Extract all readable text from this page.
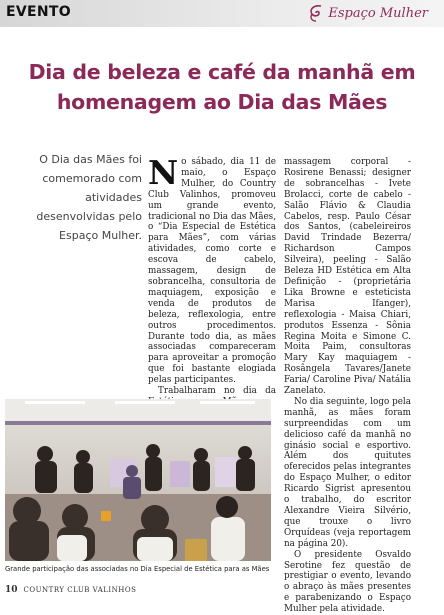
EVENTO	Espaço Mulher
Dia de beleza e café da manhã em
homenagem ao Dia das Mães
O Dia das Mães foi comemorado com atividades desenvolvidas pelo Espaço Mulher.
N o sábado, dia 11 de maio, o Espaço Mulher, do Country Club Valinhos, promoveu um grande evento, tradicional no Dia das Mães, o “Dia Especial de Estética para Mães”, com várias atividades, como corte e escova de cabelo, massagem, design de sobrancelha, consultoria de maquiagem, exposição e venda de produtos de beleza, reflexologia, entre outros procedimentos. Durante todo dia, as mães associadas compareceram para aproveitar a promoção que foi bastante elogiada pelas participantes.

Trabalharam no dia da

massagem corporal - Rosirene Benassi; designer de sobrancelhas - Ivete Brolacci, corte de cabelo - Salão Flávio & Claudia Cabelos, resp. Paulo César dos Santos, (cabeleireiros David Trindade Bezerra/ Richardson Campos Silveira), peeling - Salão Beleza HD Estética em Alta Definição - (proprietária Lika Browne e esteticista Marisa Ifanger), reflexologia - Maisa Chiari, produtos Essenza - Sônia Regina Moita e Simone C. Moita Paim, consultoras Mary Kay maquiagem - Rosângela Tavares/Janete Faria/ Caroline Piva/ Natália Zanelato.

No dia seguinte, logo pela manhã, as mães foram surpreendidas com um delicioso café da manhã no ginásio social e esportivo. Além dos quitutes oferecidos pelas integrantes do Espaço Mulher, o editor Ricardo Sigrist apresentou o trabalho, do escritor Alexandre Vieira Silvério, que trouxe o livro Orquídeas (veja reportagem na página 20).

O presidente Osvaldo Serotine fez questão de prestigiar o evento, levando o abraço às mães presentes e parabenizando o Espaço Mulher pela atividade.

Grande participação das associadas no Dia Especial de Estética para as Mães
10 COUNTRY CLUB VALINHOS
